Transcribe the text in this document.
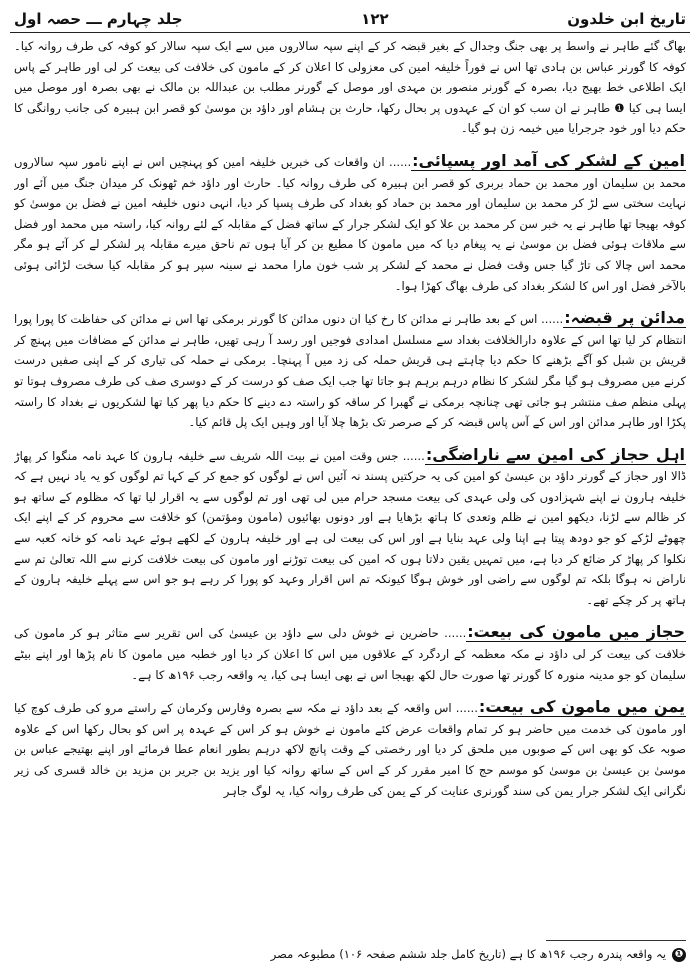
تاریخ ابن خلدون
۱۲۲
جلد چہارم ـــ حصہ اول

بھاگ گئے طاہر نے واسط پر بھی جنگ وجدال کے بغیر قبضہ کر کے اپنے سپہ سالاروں میں سے ایک سپہ سالار کو کوفہ کی طرف روانہ کیا۔ کوفہ کا گورنر عباس بن ہادی تھا اس نے فوراً خلیفہ امین کی معزولی کا اعلان کر کے مامون کی خلافت کی بیعت کر لی اور طاہر کے پاس ایک اطلاعی خط بھیج دیا، بصرہ کے گورنر منصور بن مہدی اور موصل کے گورنر مطلب بن عبداللہ بن مالک نے بھی بصرہ اور موصل میں ایسا ہی کیا ❶ طاہر نے ان سب کو ان کے عہدوں پر بحال رکھا، حارث بن ہشام اور داؤد بن موسیٰ کو قصر ابن ہبیرہ کی جانب روانگی کا حکم دیا اور خود جرجرایا میں خیمہ زن ہو گیا۔

امین کے لشکر کی آمد اور پسپائی:...... ان واقعات کی خبریں خلیفہ امین کو پہنچیں اس نے اپنے نامور سپہ سالاروں محمد بن سلیمان اور محمد بن حماد بربری کو قصر ابن ہبیرہ کی طرف روانہ کیا۔ حارث اور داؤد خم ٹھونک کر میدان جنگ میں آئے اور نہایت سختی سے لڑ کر محمد بن سلیمان اور محمد بن حماد کو بغداد کی طرف پسپا کر دیا، انہی دنوں خلیفہ امین نے فضل بن موسیٰ کو کوفہ بھیجا تھا طاہر نے یہ خبر سن کر محمد بن علا کو ایک لشکر جرار کے ساتھ فضل کے مقابلہ کے لئے روانہ کیا، راستہ میں محمد اور فضل سے ملاقات ہوئی فضل بن موسیٰ نے یہ پیغام دیا کہ میں مامون کا مطیع بن کر آیا ہوں تم ناحق میرے مقابلہ پر لشکر لے کر آئے ہو مگر محمد اس چالا کی تاڑ گیا جس وقت فضل نے محمد کے لشکر پر شب خون مارا محمد نے سینہ سپر ہو کر مقابلہ کیا سخت لڑائی ہوئی بالآخر فضل اور اس کا لشکر بغداد کی طرف بھاگ کھڑا ہوا۔

مدائن پر قبضہ:...... اس کے بعد طاہر نے مدائن کا رخ کیا ان دنوں مدائن کا گورنر برمکی تھا اس نے مدائن کی حفاظت کا پورا پورا انتظام کر لیا تھا اس کے علاوہ دارالخلافت بغداد سے مسلسل امدادی فوجیں اور رسد آ رہی تھیں، طاہر نے مدائن کے مضافات میں پہنچ کر قریش بن شبل کو آگے بڑھنے کا حکم دیا چاہتے ہی قریش حملہ کی زد میں آ پہنچا۔ برمکی نے حملہ کی تیاری کر کے اپنی صفیں درست کرنے میں مصروف ہو گیا مگر لشکر کا نظام درہم برہم ہو جاتا تھا جب ایک صف کو درست کر کے دوسری صف کی طرف مصروف ہوتا تو پہلی منظم صف منتشر ہو جاتی تھی چنانچہ برمکی نے گھبرا کر ساقہ کو راستہ دے دینے کا حکم دیا پھر کیا تھا لشکریوں نے بغداد کا راستہ پکڑا اور طاہر مدائن اور اس کے آس پاس قبضہ کر کے صرصر تک بڑھا چلا آیا اور وہیں ایک پل قائم کیا۔

اہل حجاز کی امین سے ناراضگی:...... جس وقت امین نے بیت اللہ شریف سے خلیفہ ہارون کا عہد نامہ منگوا کر پھاڑ ڈالا اور حجاز کے گورنر داؤد بن عیسیٰ کو امین کی یہ حرکتیں پسند نہ آئیں اس نے لوگوں کو جمع کر کے کہا تم لوگوں کو یہ یاد نہیں ہے کہ خلیفہ ہارون نے اپنے شہزادوں کی ولی عہدی کی بیعت مسجد حرام میں لی تھی اور تم لوگوں سے یہ اقرار لیا تھا کہ مظلوم کے ساتھ ہو کر ظالم سے لڑنا، دیکھو امین نے ظلم وتعدی کا ہاتھ بڑھایا ہے اور دونوں بھائیوں (مامون ومؤتمن) کو خلافت سے محروم کر کے اپنے ایک چھوٹے لڑکے کو جو دودھ پیتا ہے اپنا ولی عہد بنایا ہے اور اس کی بیعت لی ہے اور خلیفہ ہارون کے لکھے ہوئے عہد نامہ کو خانہ کعبہ سے نکلوا کر پھاڑ کر ضائع کر دیا ہے، میں تمہیں یقین دلاتا ہوں کہ امین کی بیعت توڑنے اور مامون کی بیعت خلافت کرنے سے اللہ تعالیٰ تم سے ناراض نہ ہوگا بلکہ تم لوگوں سے راضی اور خوش ہوگا کیونکہ تم اس اقرار وعہد کو پورا کر رہے ہو جو اس سے پہلے خلیفہ ہارون کے ہاتھ پر کر چکے تھے۔

حجاز میں مامون کی بیعت:...... حاضرین نے خوش دلی سے داؤد بن عیسیٰ کی اس تقریر سے متاثر ہو کر مامون کی خلافت کی بیعت کر لی داؤد نے مکہ معظمہ کے اردگرد کے علاقوں میں اس کا اعلان کر دیا اور خطبہ میں مامون کا نام پڑھا اور اپنے بیٹے سلیمان کو جو مدینہ منورہ کا گورنر تھا صورت حال لکھ بھیجا اس نے بھی ایسا ہی کیا، یہ واقعہ رجب ۱۹۶ھ کا ہے۔

یمن میں مامون کی بیعت:...... اس واقعہ کے بعد داؤد نے مکہ سے بصرہ وفارس وکرمان کے راستے مرو کی طرف کوچ کیا اور مامون کی خدمت میں حاضر ہو کر تمام واقعات عرض کئے مامون نے خوش ہو کر اس کے عہدہ پر اس کو بحال رکھا اس کے علاوہ صوبہ عک کو بھی اس کے صوبوں میں ملحق کر دیا اور رخصتی کے وقت پانچ لاکھ درہم بطور انعام عطا فرمائے اور اپنے بھتیجے عباس بن موسیٰ بن عیسیٰ بن موسیٰ کو موسم حج کا امیر مقرر کر کے اس کے ساتھ روانہ کیا اور یزید بن جریر بن مزید بن خالد قسری کی زیر نگرانی ایک لشکر جرار یمن کی سند گورنری عنایت کر کے یمن کی طرف روانہ کیا، یہ لوگ جاہر

❶یہ واقعہ پندرہ رجب ۱۹۶ھ کا ہے (تاریخ کامل جلد ششم صفحہ ۱۰۶) مطبوعہ مصر
